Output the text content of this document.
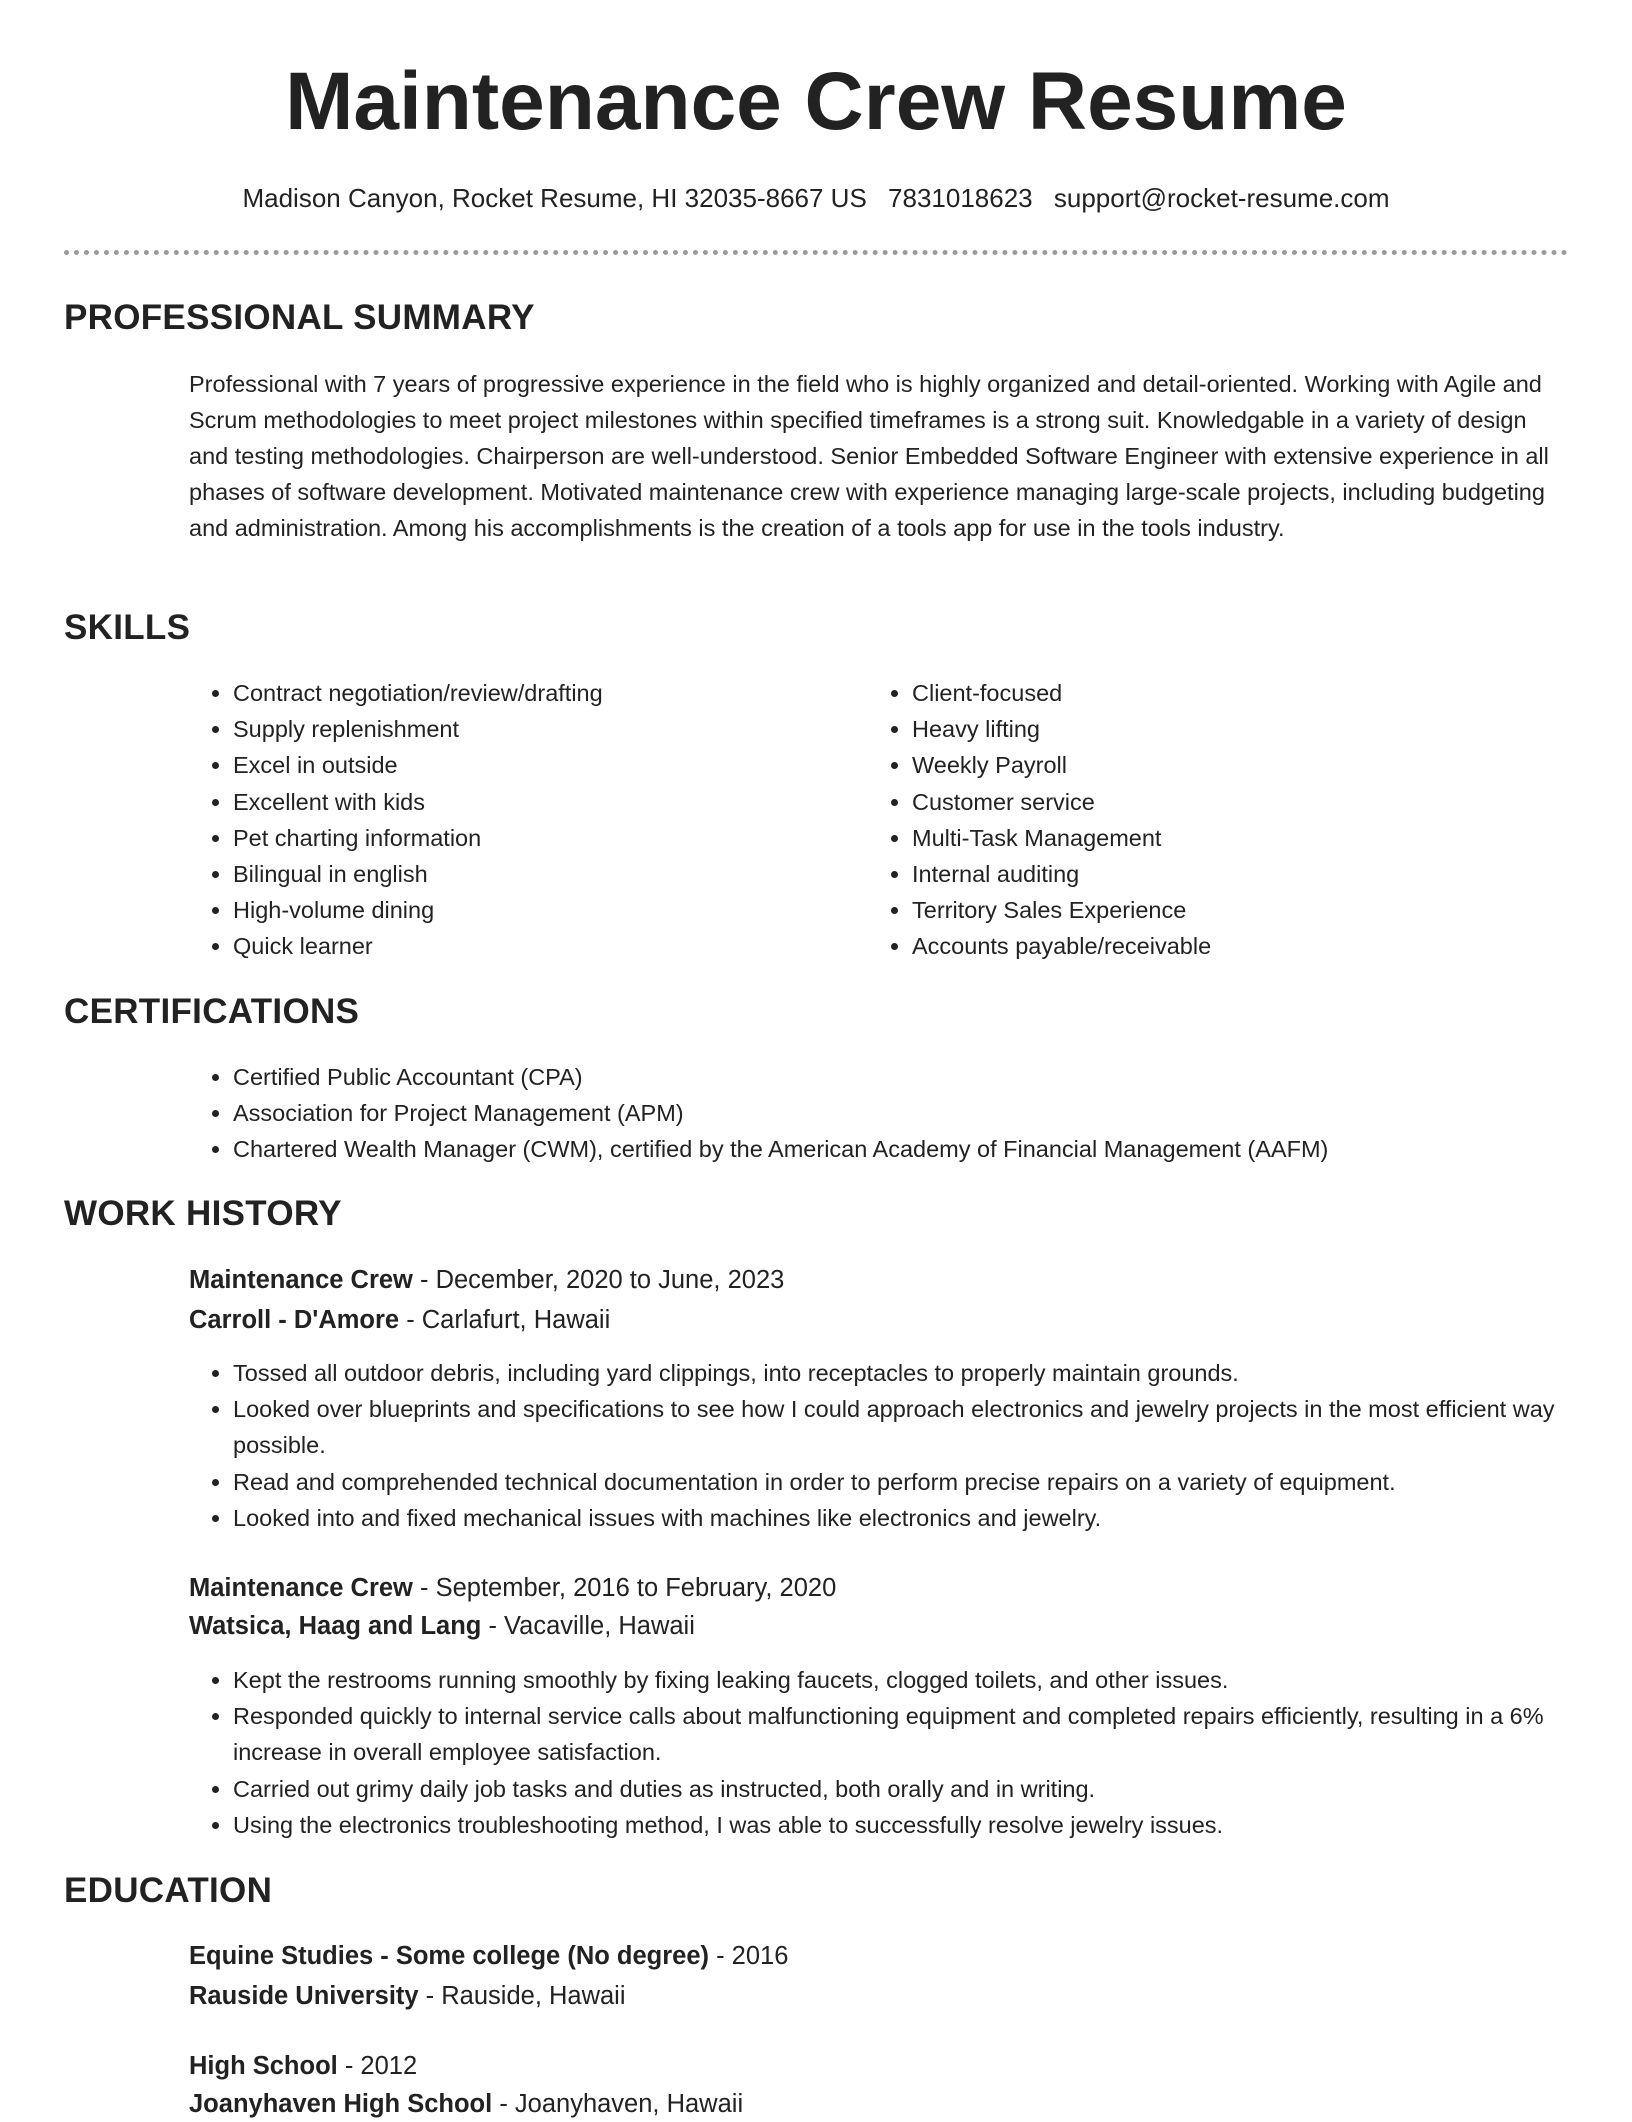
Maintenance Crew Resume
Madison Canyon, Rocket Resume, HI 32035-8667 US 7831018623 support@rocket-resume.com
PROFESSIONAL SUMMARY

Professional with 7 years of progressive experience in the field who is highly organized and detail-oriented. Working with Agile and Scrum methodologies to meet project milestones within specified timeframes is a strong suit. Knowledgable in a variety of design and testing methodologies. Chairperson are well-understood. Senior Embedded Software Engineer with extensive experience in all phases of software development. Motivated maintenance crew with experience managing large-scale projects, including budgeting and administration. Among his accomplishments is the creation of a tools app for use in the tools industry.

SKILLS
• Contract negotiation/review/drafting
• Supply replenishment
• Excel in outside
• Excellent with kids
• Pet charting information
• Bilingual in english
• High-volume dining
• Quick learner
• Client-focused
• Heavy lifting
• Weekly Payroll
• Customer service
• Multi-Task Management
• Internal auditing
• Territory Sales Experience
• Accounts payable/receivable
CERTIFICATIONS
• Certified Public Accountant (CPA)
• Association for Project Management (APM)
• Chartered Wealth Manager (CWM), certified by the American Academy of Financial Management (AAFM)
WORK HISTORY
Maintenance Crew - December, 2020 to June, 2023
Carroll - D'Amore - Carlafurt, Hawaii
• Tossed all outdoor debris, including yard clippings, into receptacles to properly maintain grounds.
• Looked over blueprints and specifications to see how I could approach electronics and jewelry projects in the most efficient way possible.
• Read and comprehended technical documentation in order to perform precise repairs on a variety of equipment.
• Looked into and fixed mechanical issues with machines like electronics and jewelry.
Maintenance Crew - September, 2016 to February, 2020
Watsica, Haag and Lang - Vacaville, Hawaii
• Kept the restrooms running smoothly by fixing leaking faucets, clogged toilets, and other issues.
• Responded quickly to internal service calls about malfunctioning equipment and completed repairs efficiently, resulting in a 6% increase in overall employee satisfaction.
• Carried out grimy daily job tasks and duties as instructed, both orally and in writing.
• Using the electronics troubleshooting method, I was able to successfully resolve jewelry issues.
EDUCATION
Equine Studies - Some college (No degree) - 2016
Rauside University - Rauside, Hawaii
High School - 2012
Joanyhaven High School - Joanyhaven, Hawaii
